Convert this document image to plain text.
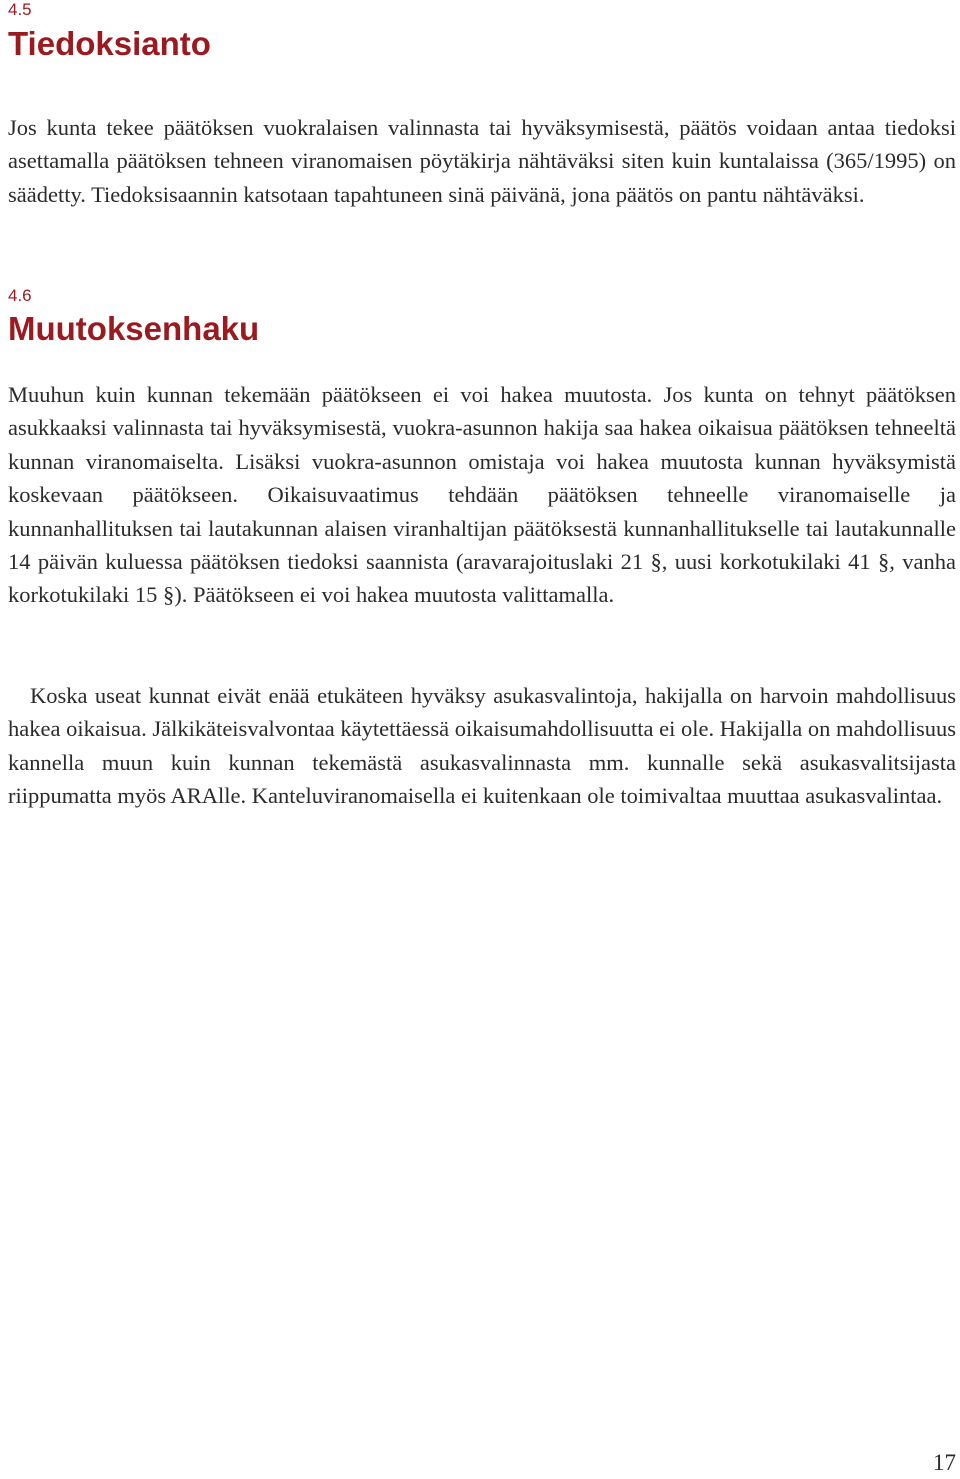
4.5
Tiedoksianto

Jos kunta tekee päätöksen vuokralaisen valinnasta tai hyväksymisestä, päätös voidaan antaa tiedoksi asettamalla päätöksen tehneen viranomaisen pöytäkirja nähtäväksi siten kuin kuntalaissa (365/1995) on säädetty. Tiedoksisaannin katsotaan tapahtuneen sinä päivänä, jona päätös on pantu nähtäväksi.

4.6
Muutoksenhaku

Muuhun kuin kunnan tekemään päätökseen ei voi hakea muutosta. Jos kunta on tehnyt päätöksen asukkaaksi valinnasta tai hyväksymisestä, vuokra-asunnon hakija saa hakea oikaisua päätöksen tehneeltä kunnan viranomaiselta. Lisäksi vuokra-asunnon omistaja voi hakea muutosta kunnan hyväksymistä koskevaan päätökseen. Oikaisuvaatimus tehdään päätöksen tehneelle viranomaiselle ja kunnanhallituksen tai lautakunnan alaisen viranhaltijan päätöksestä kunnanhallitukselle tai lautakunnalle 14 päivän kuluessa päätöksen tiedoksi saannista (aravarajoituslaki 21 §, uusi korkotukilaki 41 §, vanha korkotukilaki 15 §). Päätökseen ei voi hakea muutosta valittamalla.

Koska useat kunnat eivät enää etukäteen hyväksy asukasvalintoja, hakijalla on harvoin mahdollisuus hakea oikaisua. Jälkikäteisvalvontaa käytettäessä oikaisumahdollisuutta ei ole. Hakijalla on mahdollisuus kannella muun kuin kunnan tekemästä asukasvalinnasta mm. kunnalle sekä asukasvalitsijasta riippumatta myös ARAlle. Kanteluviranomaisella ei kuitenkaan ole toimivaltaa muuttaa asukasvalintaa.

17
